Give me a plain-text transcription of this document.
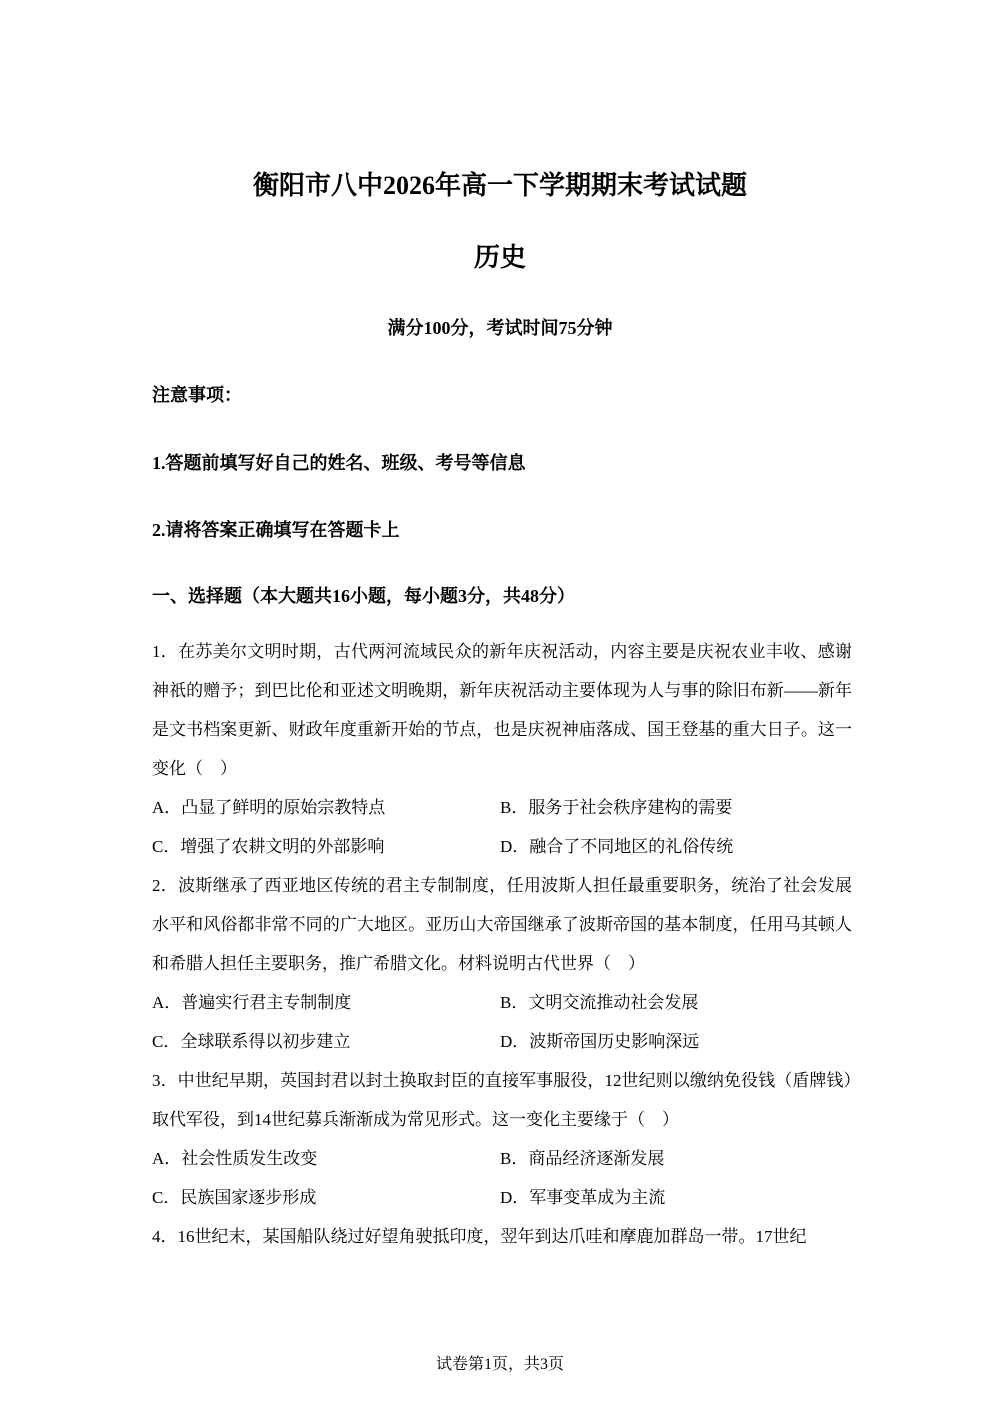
衡阳市八中2026年高一下学期期末考试试题
历史
满分100分，考试时间75分钟
注意事项：
1.答题前填写好自己的姓名、班级、考号等信息
2.请将答案正确填写在答题卡上
一、选择题（本大题共16小题，每小题3分，共48分）
1．在苏美尔文明时期，古代两河流域民众的新年庆祝活动，内容主要是庆祝农业丰收、感谢神祇的赠予；到巴比伦和亚述文明晚期，新年庆祝活动主要体现为人与事的除旧布新——新年是文书档案更新、财政年度重新开始的节点，也是庆祝神庙落成、国王登基的重大日子。这一变化（　）
A．凸显了鲜明的原始宗教特点	B．服务于社会秩序建构的需要
C．增强了农耕文明的外部影响	D．融合了不同地区的礼俗传统
2．波斯继承了西亚地区传统的君主专制制度，任用波斯人担任最重要职务，统治了社会发展水平和风俗都非常不同的广大地区。亚历山大帝国继承了波斯帝国的基本制度，任用马其顿人和希腊人担任主要职务，推广希腊文化。材料说明古代世界（　）
A．普遍实行君主专制制度	B．文明交流推动社会发展
C．全球联系得以初步建立	D．波斯帝国历史影响深远
3．中世纪早期，英国封君以封土换取封臣的直接军事服役，12世纪则以缴纳免役钱（盾牌钱）取代军役，到14世纪募兵渐渐成为常见形式。这一变化主要缘于（　）
A．社会性质发生改变	B．商品经济逐渐发展
C．民族国家逐步形成	D．军事变革成为主流
4．16世纪末，某国船队绕过好望角驶抵印度，翌年到达爪哇和摩鹿加群岛一带。17世纪
试卷第1页，共3页
